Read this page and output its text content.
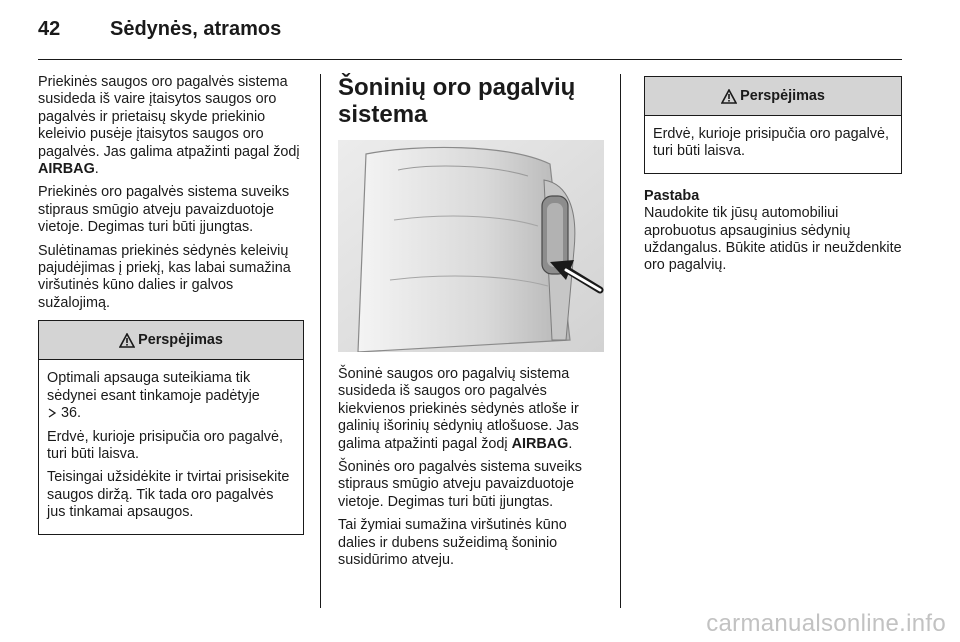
42	Sėdynės, atramos

Priekinės saugos oro pagalvės sistema susideda iš vaire įtaisytos saugos oro pagalvės ir prietaisų skyde priekinio keleivio pusėje įtaisytos saugos oro pagalvės. Jas galima atpažinti pagal žodį AIRBAG.

Priekinės oro pagalvės sistema suveiks stipraus smūgio atveju pavaizduotoje vietoje. Degimas turi būti įjungtas.

Sulėtinamas priekinės sėdynės keleivių pajudėjimas į priekį, kas labai sumažina viršutinės kūno dalies ir galvos sužalojimą.

Perspėjimas

Optimali apsauga suteikiama tik sėdynei esant tinkamoje padėtyje
36.

Erdvė, kurioje prisipučia oro pagalvė, turi būti laisva.

Teisingai užsidėkite ir tvirtai prisisekite saugos diržą. Tik tada oro pagalvės jus tinkamai apsaugos.

Šoninių oro pagalvių sistema

Šoninė saugos oro pagalvių sistema susideda iš saugos oro pagalvės kiekvienos priekinės sėdynės atloše ir galinių išorinių sėdynių atlošuose. Jas galima atpažinti pagal žodį AIRBAG.

Šoninės oro pagalvės sistema suveiks stipraus smūgio atveju pavaizduotoje vietoje. Degimas turi būti įjungtas.

Tai žymiai sumažina viršutinės kūno dalies ir dubens sužeidimą šoninio susidūrimo atveju.

Perspėjimas

Erdvė, kurioje prisipučia oro pagalvė, turi būti laisva.

Pastaba

Naudokite tik jūsų automobiliui aprobuotus apsauginius sėdynių uždangalus. Būkite atidūs ir neuždenkite oro pagalvių.

carmanualsonline.info
